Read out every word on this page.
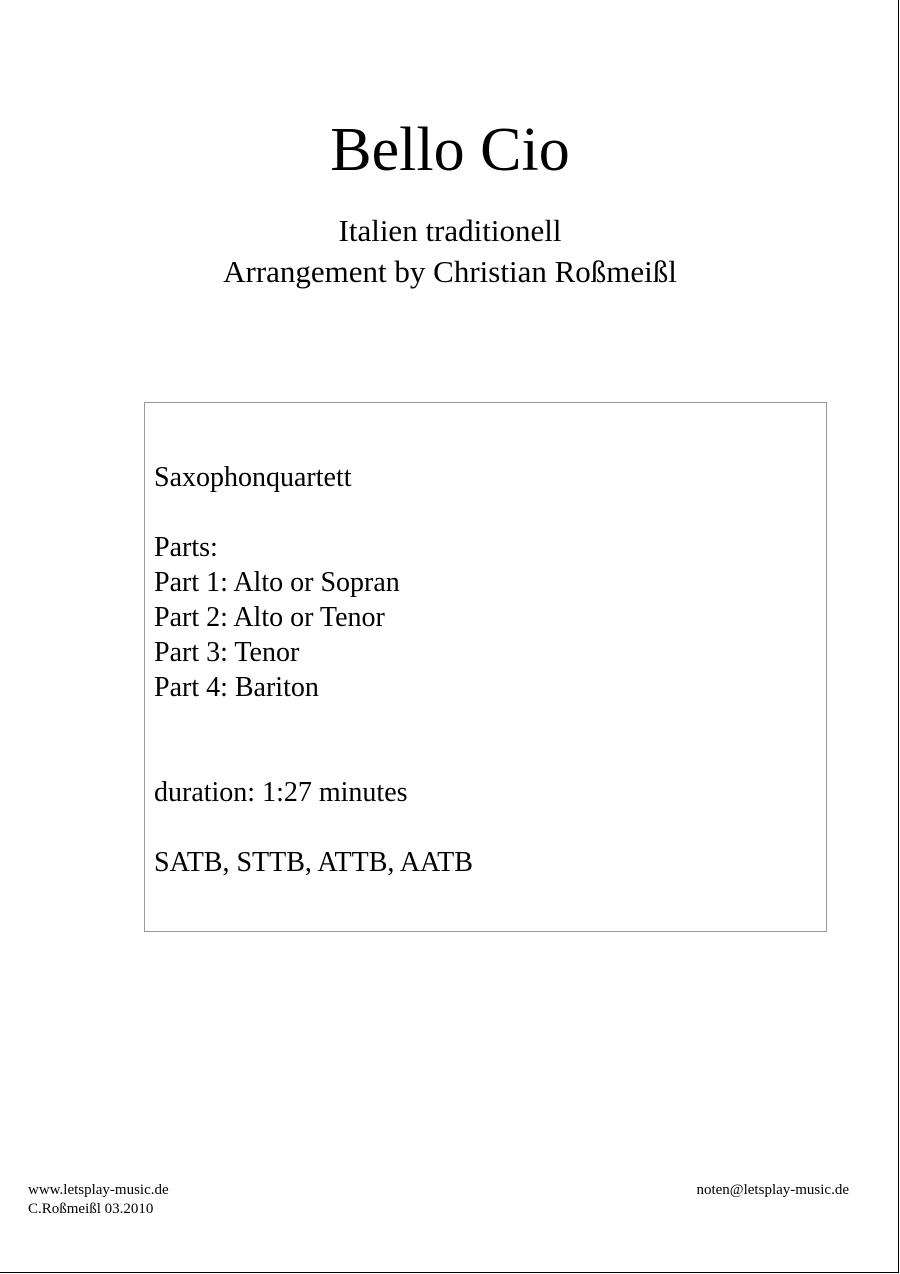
Bello Cio

Italien traditionell

Arrangement by Christian Roßmeißl

Saxophonquartett
Parts:
Part 1: Alto or Sopran
Part 2: Alto or Tenor
Part 3: Tenor
Part 4: Bariton
duration: 1:27 minutes
SATB, STTB, ATTB, AATB
www.letsplay-music.de
C.Roßmeißl 03.2010
noten@letsplay-music.de
